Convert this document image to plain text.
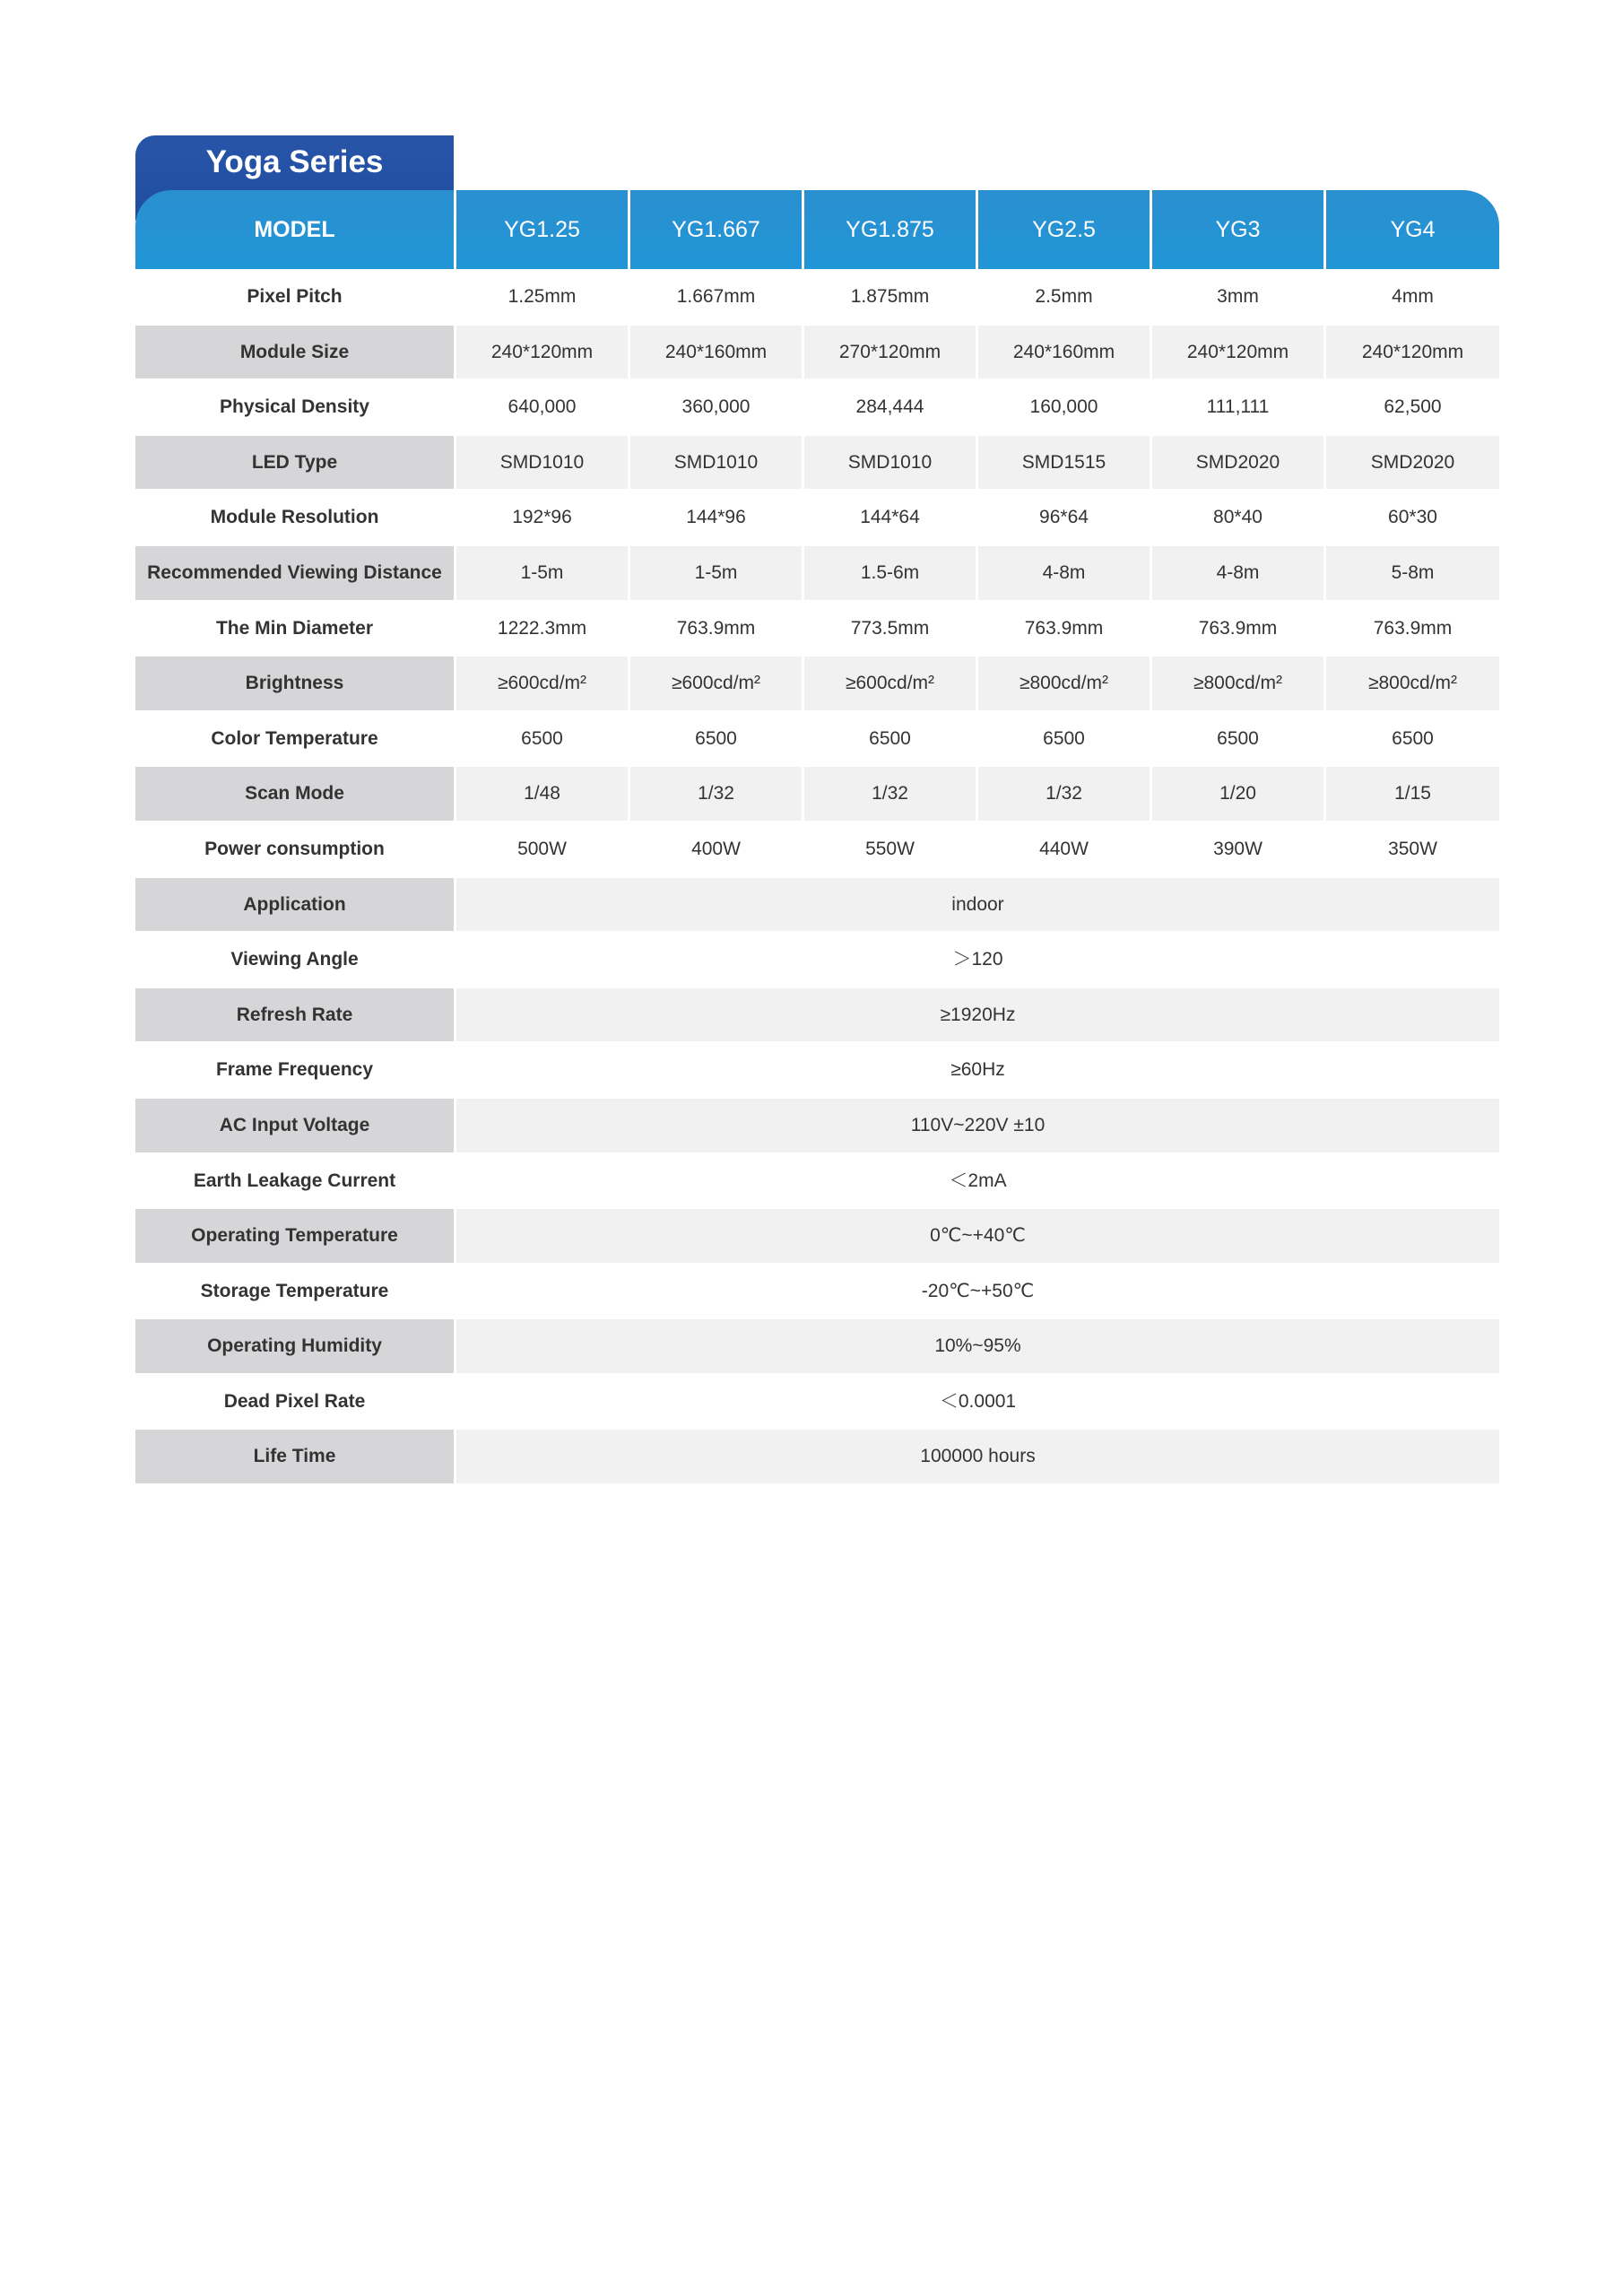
Yoga Series
MODEL	YG1.25	YG1.667	YG1.875	YG2.5	YG3	YG4
Pixel Pitch	1.25mm	1.667mm	1.875mm	2.5mm	3mm	4mm
Module Size	240*120mm	240*160mm	270*120mm	240*160mm	240*120mm	240*120mm
Physical Density	640,000	360,000	284,444	160,000	111,111	62,500
LED Type	SMD1010	SMD1010	SMD1010	SMD1515	SMD2020	SMD2020
Module Resolution	192*96	144*96	144*64	96*64	80*40	60*30
Recommended Viewing Distance	1-5m	1-5m	1.5-6m	4-8m	4-8m	5-8m
The Min Diameter	1222.3mm	763.9mm	773.5mm	763.9mm	763.9mm	763.9mm
Brightness	≥600cd/m²	≥600cd/m²	≥600cd/m²	≥800cd/m²	≥800cd/m²	≥800cd/m²
Color Temperature	6500	6500	6500	6500	6500	6500
Scan Mode	1/48	1/32	1/32	1/32	1/20	1/15
Power consumption	500W	400W	550W	440W	390W	350W
Application	indoor
Viewing Angle	＞120
Refresh Rate	≥1920Hz
Frame Frequency	≥60Hz
AC Input Voltage	110V~220V ±10
Earth Leakage Current	＜2mA
Operating Temperature	0℃~+40℃
Storage Temperature	-20℃~+50℃
Operating Humidity	10%~95%
Dead Pixel Rate	＜0.0001
Life Time	100000 hours
